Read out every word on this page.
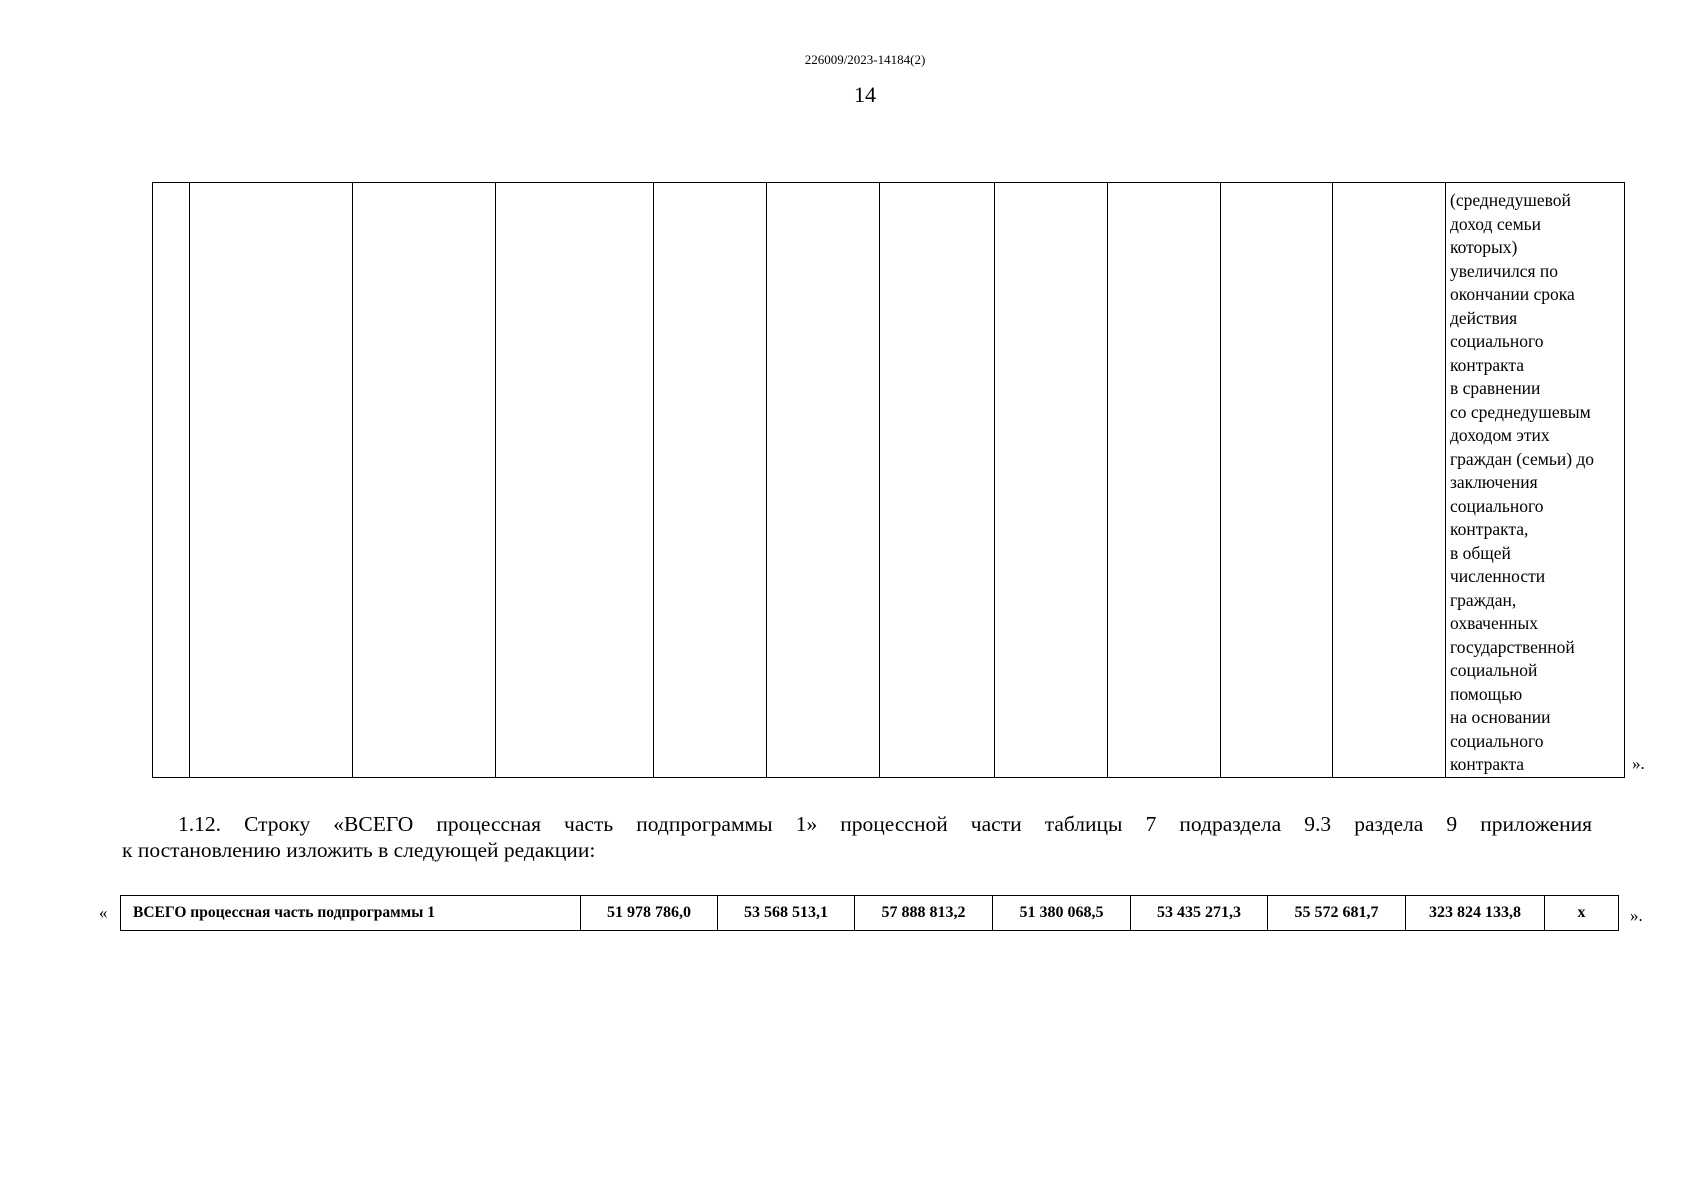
226009/2023-14184(2)
14

(среднедушевой
доход семьи
которых)
увеличился по
окончании срока
действия
социального
контракта
в сравнении
со среднедушевым
доходом этих
граждан (семьи) до
заключения
социального
контракта,
в общей
численности
граждан,
охваченных
государственной
социальной
помощью
на основании
социального
контракта	».
1.12. Строку «ВСЕГО процессная часть подпрограммы 1» процессной части таблицы 7 подраздела 9.3 раздела 9 приложения
к постановлению изложить в следующей редакции:
« ВСЕГО процессная часть подпрограммы 1	51 978 786,0	53 568 513,1	57 888 813,2	51 380 068,5	53 435 271,3	55 572 681,7	323 824 133,8	x	».
